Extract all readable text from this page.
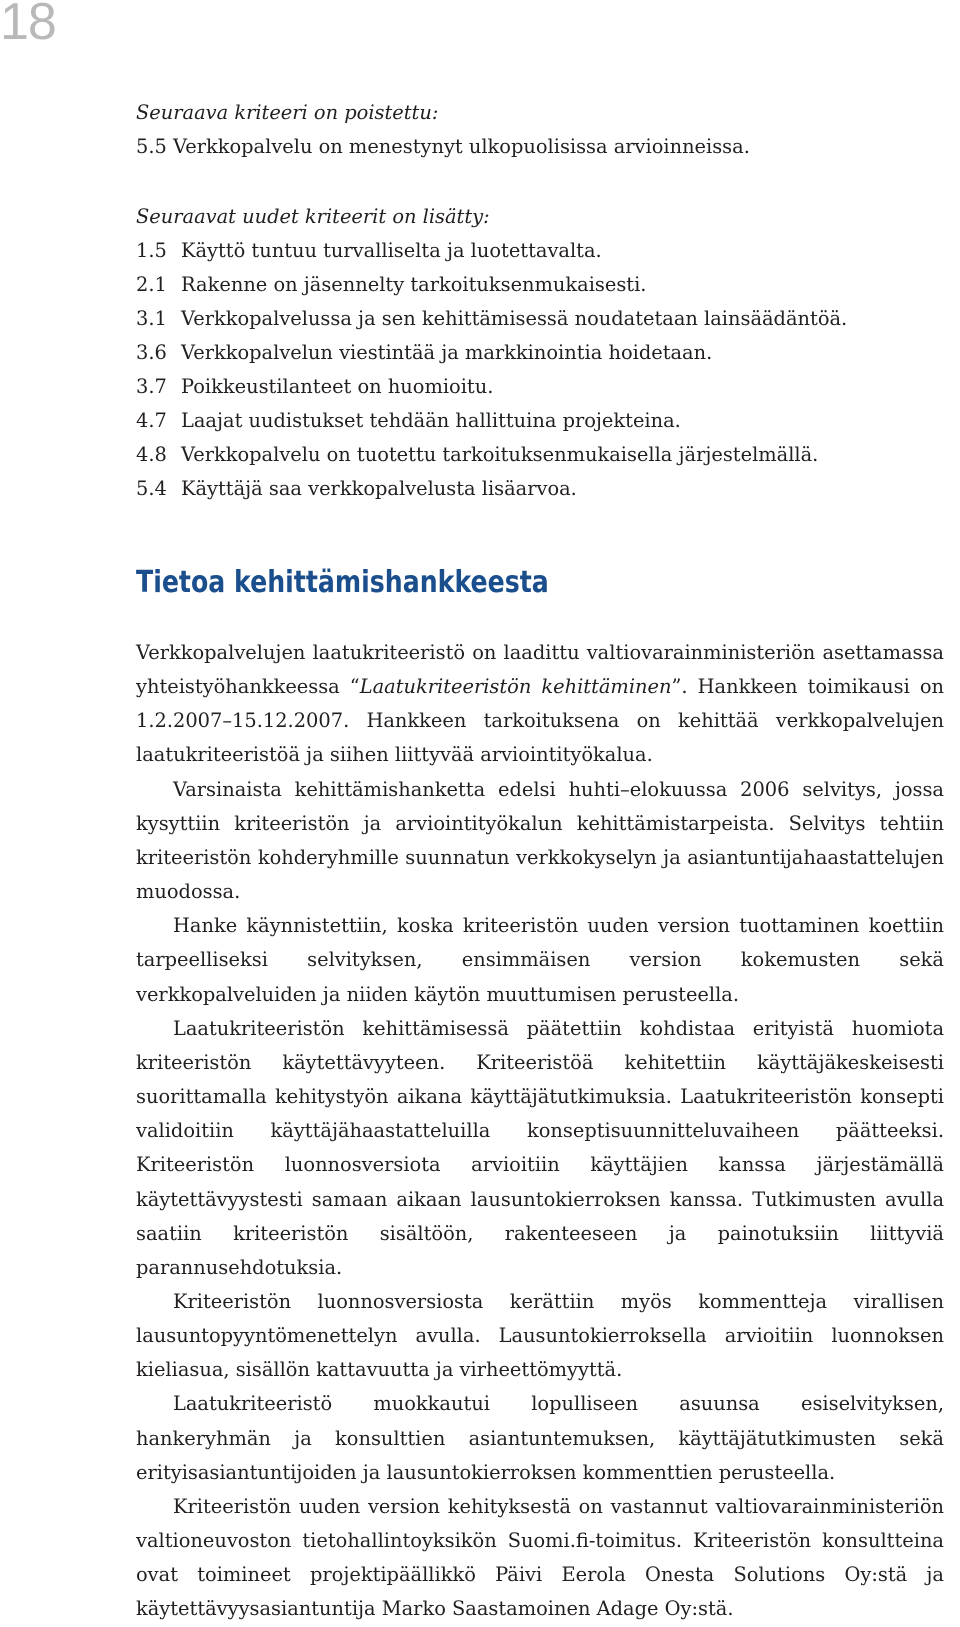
18
Seuraava kriteeri on poistettu:
5.5 Verkkopalvelu on menestynyt ulkopuolisissa arvioinneissa.
Seuraavat uudet kriteerit on lisätty:
1.5 Käyttö tuntuu turvalliselta ja luotettavalta.
2.1 Rakenne on jäsennelty tarkoituksenmukaisesti.
3.1 Verkkopalvelussa ja sen kehittämisessä noudatetaan lainsäädäntöä.
3.6 Verkkopalvelun viestintää ja markkinointia hoidetaan.
3.7 Poikkeustilanteet on huomioitu.
4.7 Laajat uudistukset tehdään hallittuina projekteina.
4.8 Verkkopalvelu on tuotettu tarkoituksenmukaisella järjestelmällä.
5.4 Käyttäjä saa verkkopalvelusta lisäarvoa.
Tietoa kehittämishankkeesta

Verkkopalvelujen laatukriteeristö on laadittu valtiovarainministeriön asettamassa yhteistyöhankkeessa “Laatukriteeristön kehittäminen”. Hankkeen toimikausi on 1.2.2007–15.12.2007. Hankkeen tarkoituksena on kehittää verkkopalvelujen laatukriteeristöä ja siihen liittyvää arviointityökalua.

Varsinaista kehittämishanketta edelsi huhti–elokuussa 2006 selvitys, jossa kysyttiin kriteeristön ja arviointityökalun kehittämistarpeista. Selvitys tehtiin kriteeristön kohderyhmille suunnatun verkkokyselyn ja asiantuntijahaastattelujen muodossa.

Hanke käynnistettiin, koska kriteeristön uuden version tuottaminen koettiin tarpeelliseksi selvityksen, ensimmäisen version kokemusten sekä verkkopalveluiden ja niiden käytön muuttumisen perusteella.

Laatukriteeristön kehittämisessä päätettiin kohdistaa erityistä huomiota kriteeristön käytettävyyteen. Kriteeristöä kehitettiin käyttäjäkeskeisesti suorittamalla kehitystyön aikana käyttäjätutkimuksia. Laatukriteeristön konsepti validoitiin käyttäjähaastatteluilla konseptisuunnitteluvaiheen päätteeksi. Kriteeristön luonnosversiota arvioitiin käyttäjien kanssa järjestämällä käytettävyystesti samaan aikaan lausuntokierroksen kanssa. Tutkimusten avulla saatiin kriteeristön sisältöön, rakenteeseen ja painotuksiin liittyviä parannusehdotuksia.

Kriteeristön luonnosversiosta kerättiin myös kommentteja virallisen lausuntopyyntömenettelyn avulla. Lausuntokierroksella arvioitiin luonnoksen kieliasua, sisällön kattavuutta ja virheettömyyttä.

Laatukriteeristö muokkautui lopulliseen asuunsa esiselvityksen, hankeryhmän ja konsulttien asiantuntemuksen, käyttäjätutkimusten sekä erityisasiantuntijoiden ja lausuntokierroksen kommenttien perusteella.

Kriteeristön uuden version kehityksestä on vastannut valtiovarainministeriön valtioneuvoston tietohallintoyksikön Suomi.fi-toimitus. Kriteeristön konsultteina ovat toimineet projektipäällikkö Päivi Eerola Onesta Solutions Oy:stä ja käytettävyysasiantuntija Marko Saastamoinen Adage Oy:stä.
